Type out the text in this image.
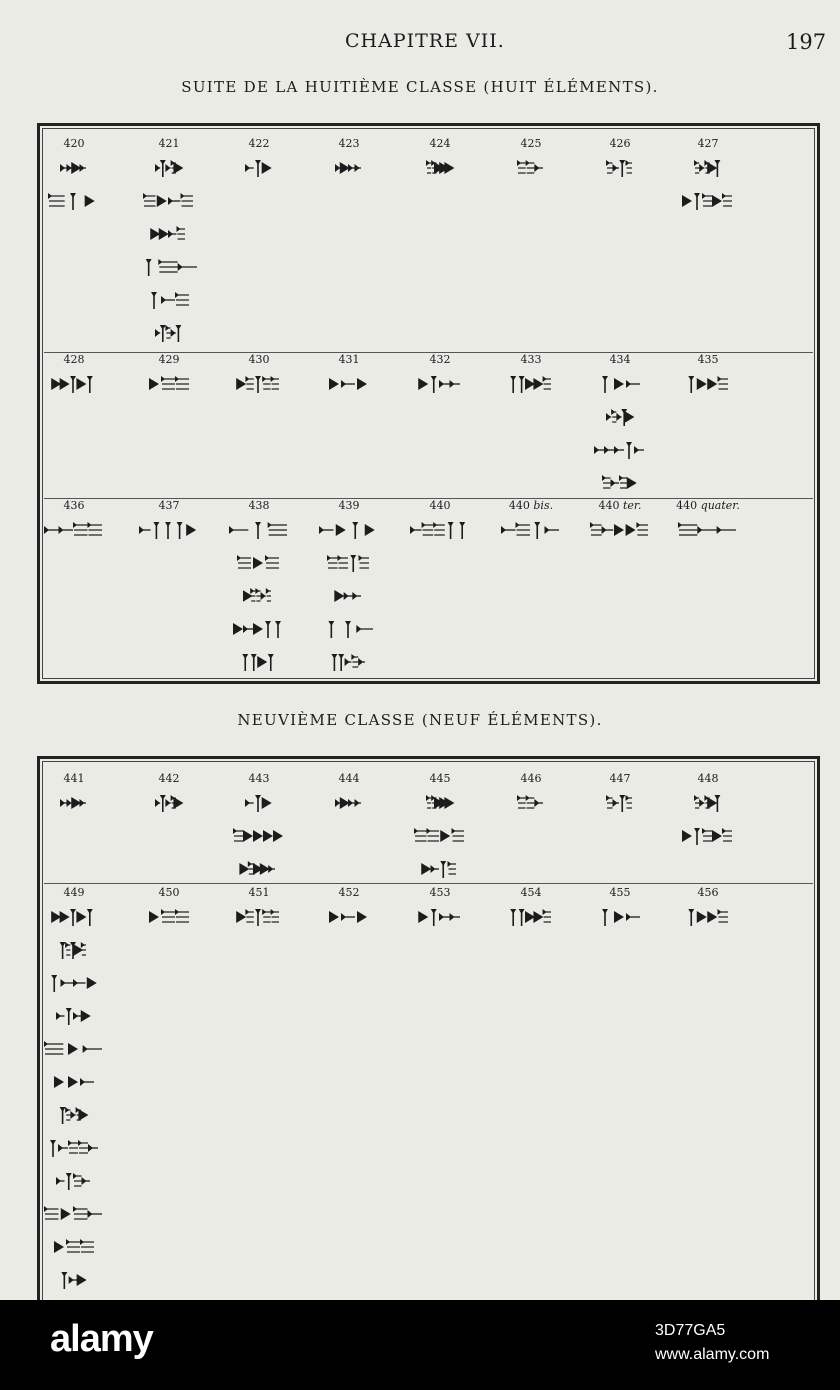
CHAPITRE VII.	197
SUITE DE LA HUITIÈME CLASSE (HUIT ÉLÉMENTS).
420	421	422	423	424	425	426	427
428	429	430	431	432	433	434	435
436	437	438	439	440	440 bis.	440 ter.	440 quater.
NEUVIÈME CLASSE (NEUF ÉLÉMENTS).
441	442	443	444	445	446	447	448
449	450	451	452	453	454	455	456
alamy	3D77GA5
www.alamy.com
